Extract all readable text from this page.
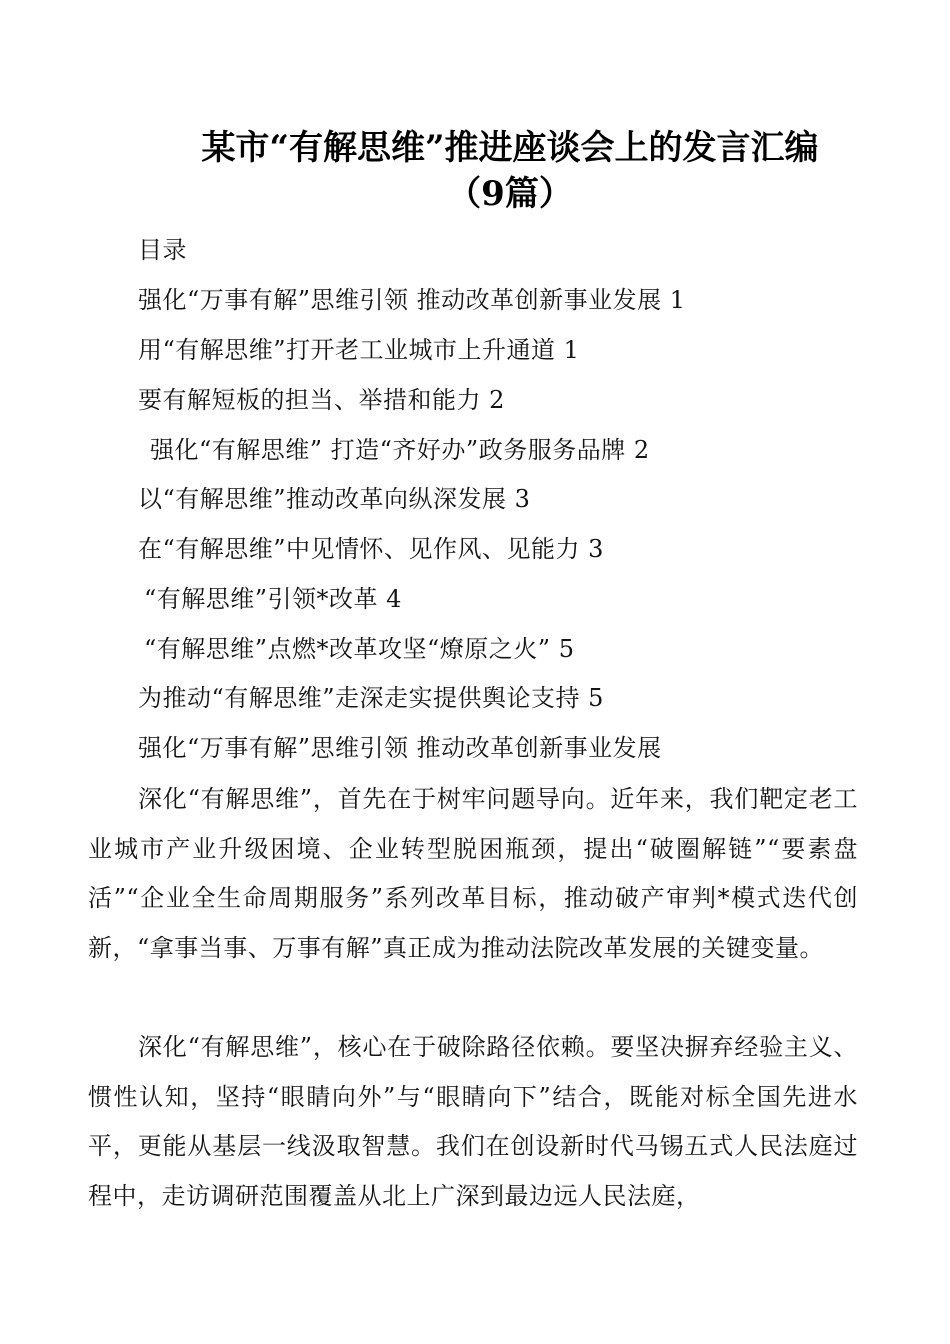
某市“有解思维”推进座谈会上的发言汇编
（9篇）
目录
强化“万事有解”思维引领 推动改革创新事业发展 1
用“有解思维”打开老工业城市上升通道 1
要有解短板的担当、举措和能力 2
强化“有解思维” 打造“齐好办”政务服务品牌 2
以“有解思维”推动改革向纵深发展 3
在“有解思维”中见情怀、见作风、见能力 3
“有解思维”引领*改革 4
“有解思维”点燃*改革攻坚“燎原之火” 5
为推动“有解思维”走深走实提供舆论支持 5
强化“万事有解”思维引领 推动改革创新事业发展
深化“有解思维”，首先在于树牢问题导向。近年来，我们靶定老工业城市产业升级困境、企业转型脱困瓶颈，提出“破圈解链”“要素盘活”“企业全生命周期服务”系列改革目标，推动破产审判*模式迭代创新，“拿事当事、万事有解”真正成为推动法院改革发展的关键变量。
深化“有解思维”，核心在于破除路径依赖。要坚决摒弃经验主义、惯性认知，坚持“眼睛向外”与“眼睛向下”结合，既能对标全国先进水平，更能从基层一线汲取智慧。我们在创设新时代马锡五式人民法庭过程中，走访调研范围覆盖从北上广深到最边远人民法庭，
